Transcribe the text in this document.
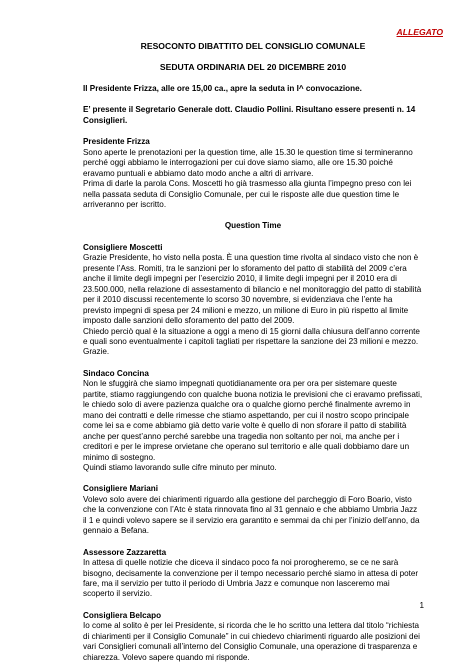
ALLEGATO

RESOCONTO DIBATTITO DEL CONSIGLIO COMUNALE

SEDUTA ORDINARIA DEL 20 DICEMBRE 2010

Il Presidente Frizza, alle ore 15,00 ca., apre la seduta in I^ convocazione.

E’ presente il Segretario Generale dott. Claudio Pollini. Risultano essere presenti n. 14 Consiglieri.

Presidente Frizza

Sono aperte le prenotazioni per la question time, alle 15.30 le question time si termineranno perché oggi abbiamo le interrogazioni per cui dove siamo siamo, alle ore 15.30 poiché eravamo puntuali e abbiamo dato modo anche a altri di arrivare.

Prima di darle la parola Cons. Moscetti ho già trasmesso alla giunta l’impegno preso con lei nella passata seduta di Consiglio Comunale, per cui le risposte alle due question time le arriveranno per iscritto.

Question Time

Consigliere Moscetti

Grazie Presidente, ho visto nella posta. È una question time rivolta al sindaco visto che non è presente l’Ass. Romiti, tra le sanzioni per lo sforamento del patto di stabilità del 2009 c’era anche il limite degli impegni per l’esercizio 2010, il limite degli impegni per il 2010 era di 23.500.000, nella relazione di assestamento di bilancio e nel monitoraggio del patto di stabilità per il 2010 discussi recentemente lo scorso 30 novembre, si evidenziava che l’ente ha previsto impegni di spesa per 24 milioni e mezzo, un milione di Euro in più rispetto al limite imposto dalle sanzioni dello sforamento del patto del 2009.

Chiedo perciò qual è la situazione a oggi a meno di 15 giorni dalla chiusura dell’anno corrente e quali sono eventualmente i capitoli tagliati per rispettare la sanzione dei 23 milioni e mezzo. Grazie.

Sindaco Concina

Non le sfuggirà che siamo impegnati quotidianamente ora per ora per sistemare queste partite, stiamo raggiungendo con qualche buona notizia le previsioni che ci eravamo prefissati, le chiedo solo di avere pazienza qualche ora o qualche giorno perché finalmente avremo in mano dei contratti e delle rimesse che stiamo aspettando, per cui il nostro scopo principale come lei sa e come abbiamo già detto varie volte è quello di non sforare il patto di stabilità anche per quest’anno perché sarebbe una tragedia non soltanto per noi, ma anche per i creditori e per le imprese orvietane che operano sul territorio e alle quali dobbiamo dare un minimo di sostegno.

Quindi stiamo lavorando sulle cifre minuto per minuto.

Consigliere Mariani

Volevo solo avere dei chiarimenti riguardo alla gestione del parcheggio di Foro Boario, visto che la convenzione con l’Atc è stata rinnovata fino al 31 gennaio e che abbiamo Umbria Jazz il 1 e quindi volevo sapere se il servizio era garantito e semmai da chi per l’inizio dell’anno, da gennaio a Befana.

Assessore Zazzaretta

In attesa di quelle notizie che diceva il sindaco poco fa noi prorogheremo, se ce ne sarà bisogno, decisamente la convenzione per il tempo necessario perché siamo in attesa di poter fare, ma il servizio per tutto il periodo di Umbria Jazz e comunque non lasceremo mai scoperto il servizio.

Consigliera Belcapo

Io come al solito è per lei Presidente, si ricorda che le ho scritto una lettera dal titolo “richiesta di chiarimenti per il Consiglio Comunale” in cui chiedevo chiarimenti riguardo alle posizioni dei vari Consiglieri comunali all’interno del Consiglio Comunale, una operazione di trasparenza e chiarezza. Volevo sapere quando mi risponde.

1
